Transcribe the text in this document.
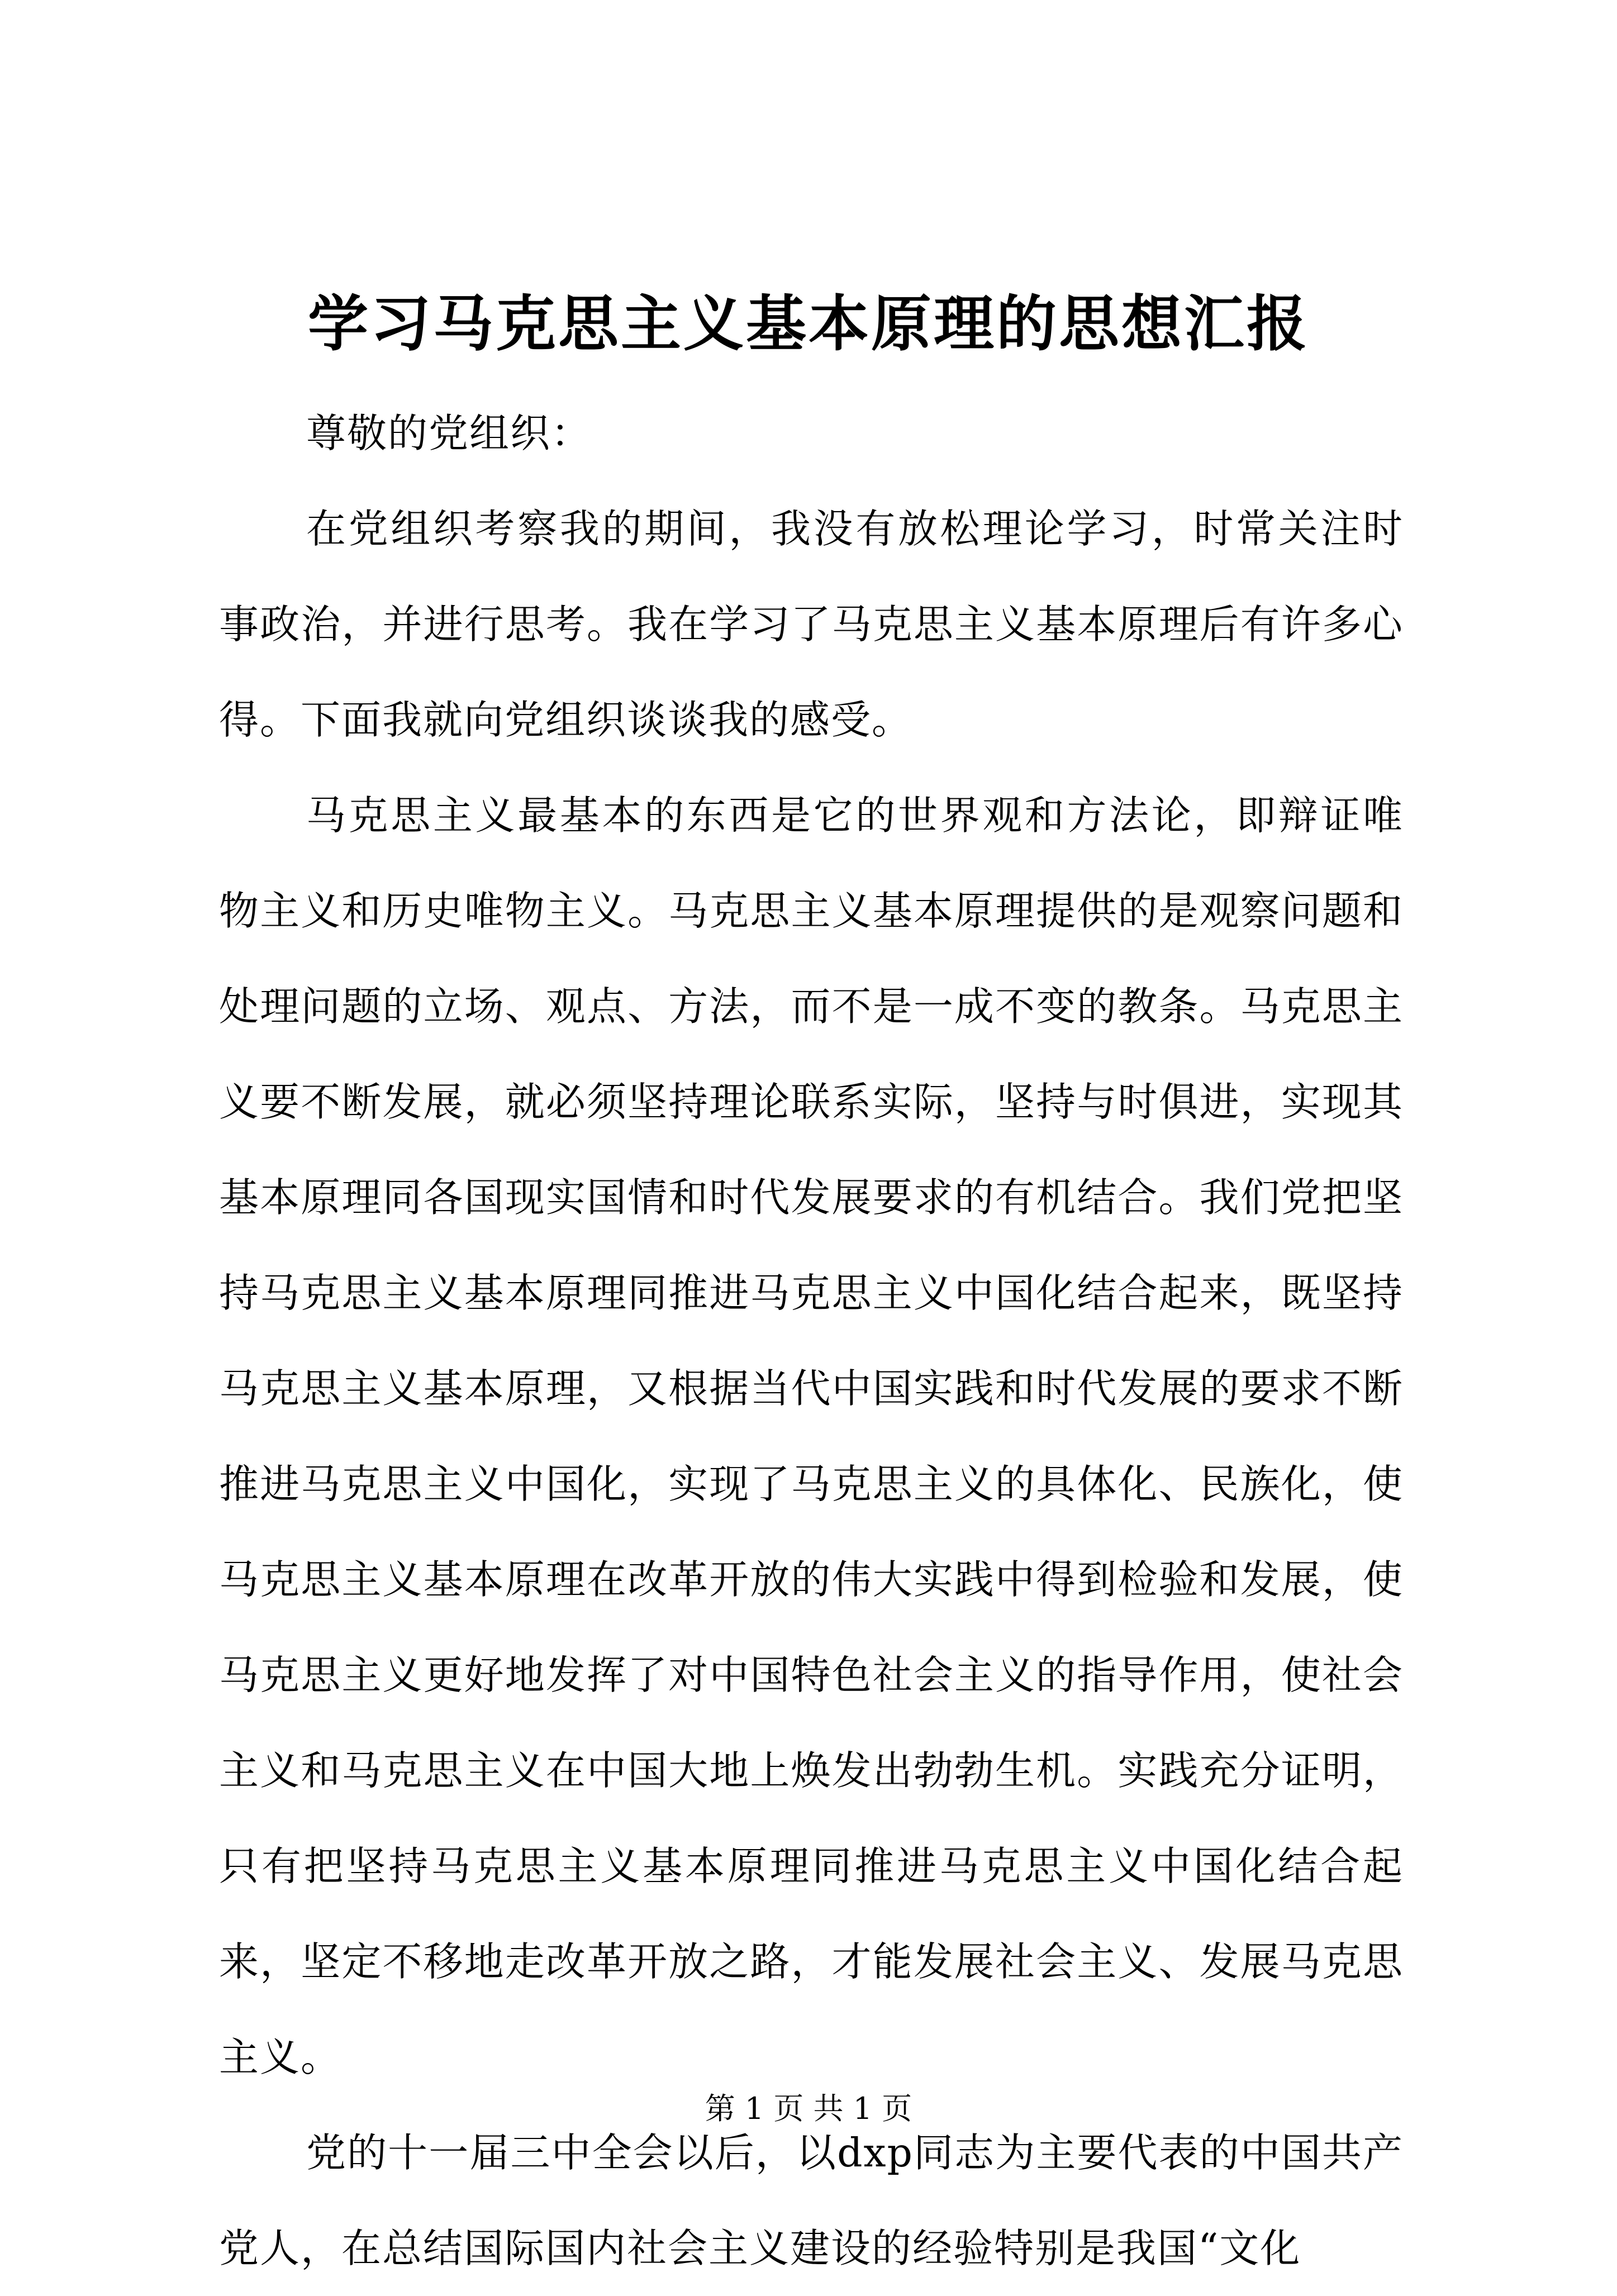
学习马克思主义基本原理的思想汇报

尊敬的党组织：

在党组织考察我的期间，我没有放松理论学习，时常关注时事政治，并进行思考。我在学习了马克思主义基本原理后有许多心得。下面我就向党组织谈谈我的感受。

马克思主义最基本的东西是它的世界观和方法论，即辩证唯物主义和历史唯物主义。马克思主义基本原理提供的是观察问题和处理问题的立场、观点、方法，而不是一成不变的教条。马克思主义要不断发展，就必须坚持理论联系实际，坚持与时俱进，实现其基本原理同各国现实国情和时代发展要求的有机结合。我们党把坚持马克思主义基本原理同推进马克思主义中国化结合起来，既坚持马克思主义基本原理，又根据当代中国实践和时代发展的要求不断推进马克思主义中国化，实现了马克思主义的具体化、民族化，使马克思主义基本原理在改革开放的伟大实践中得到检验和发展，使马克思主义更好地发挥了对中国特色社会主义的指导作用，使社会主义和马克思主义在中国大地上焕发出勃勃生机。实践充分证明，只有把坚持马克思主义基本原理同推进马克思主义中国化结合起来，坚定不移地走改革开放之路，才能发展社会主义、发展马克思主义。

党的十一届三中全会以后，以dxp同志为主要代表的中国共产党人，在总结国际国内社会主义建设的经验特别是我国“文化

第 1 页 共 1 页
